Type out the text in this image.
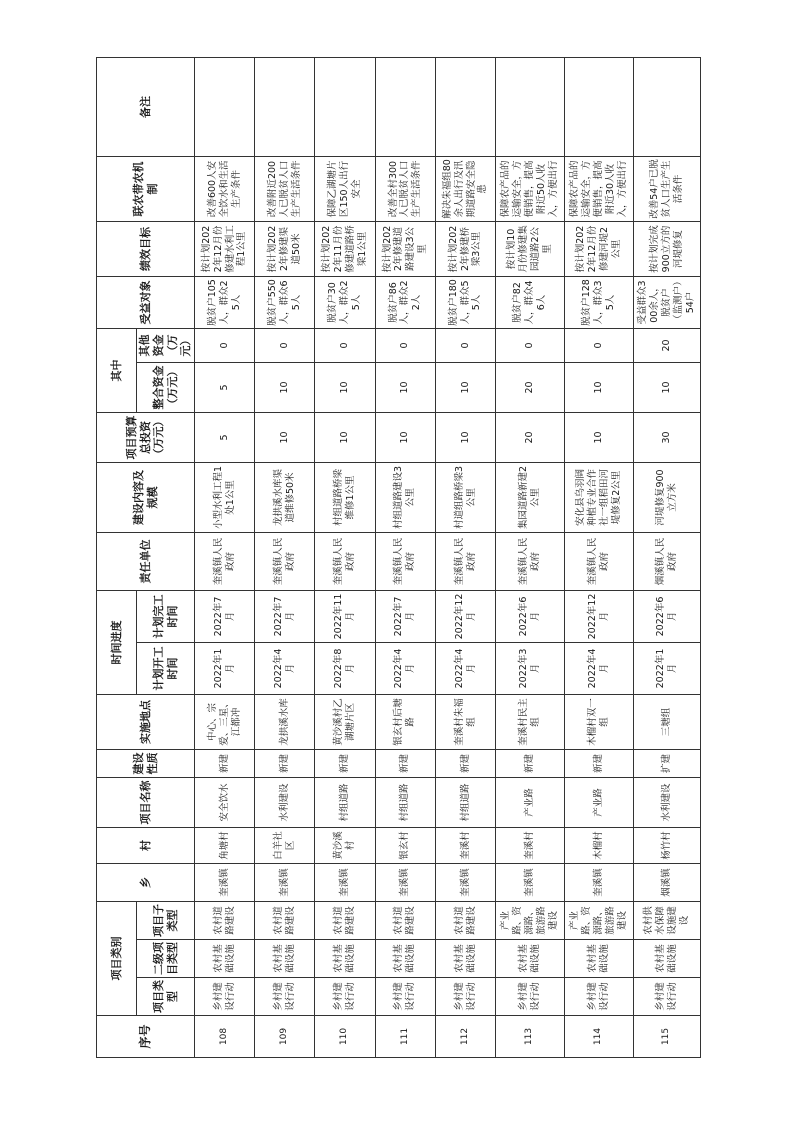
序号	项目类别			乡	村	项目名称	建设性质	实施地点	时间进度		责任单位	建设内容及规模	项目预算总投资（万元）	其中		受益对象	绩效目标	联农带农机制	备注
	项目类型	二级项目类型	项目子类型						计划开工时间	计划完工时间				整合资金（万元）	其他资金（万元）				
108	乡村建设行动	农村基础设施	农村道路建设	奎溪镇	角塘村	安全饮水	新建	中心、宗爱、三星、江都冲	2022年1月	2022年7月	奎溪镇人民政府	小型水利工程1处1公里	5	5	0	脱贫户105人，群众25人	按计划2022年12月份修建水利工程1公里	改善600人安全饮水和生活生产条件	
109	乡村建设行动	农村基础设施	农村道路建设	奎溪镇	白羊社区	水利建设	新建	龙拱溪水库	2022年4月	2022年7月	奎溪镇人民政府	龙拱溪水库渠道维修50米	10	10	0	脱贫户550人，群众65人	按计划2022年修建渠道50米	改善附近200人已脱贫人口生产生活条件	
110	乡村建设行动	农村基础设施	农村道路建设	奎溪镇	黄沙溪村	村组道路	新建	黄沙溪村乙湖塘片区	2022年8月	2022年11月	奎溪镇人民政府	村组道路桥梁维修1公里	10	10	0	脱贫户30人，群众25人	按计划2022年11月份修建道路桥梁1公里	保障乙湖塘片区150人出行安全	
111	乡村建设行动	农村基础设施	农村道路建设	奎溪镇	银玄村	村组道路	新建	银玄村后塘路	2022年4月	2022年7月	奎溪镇人民政府	村组道路建设3公里	10	10	0	脱贫户86人，群众22人	按计划2022年修建道路建设3公里	改善全村300人已脱贫人口生产生活条件	
112	乡村建设行动	农村基础设施	农村道路建设	奎溪镇	奎溪村	村组道路	新建	奎溪村朱福组	2022年4月	2022年12月	奎溪镇人民政府	村道组路桥梁3公里	10	10	0	脱贫户180人，群众55人	按计划2022年修建桥梁3公里	解决朱福组80余人出行及汛期道路安全隐患	
113	乡村建设行动	农村基础设施	产业路、资源路、旅游路建设	奎溪镇	奎溪村	产业路	新建	奎溪村民主组	2022年3月	2022年6月	奎溪镇人民政府	集园道路新建2公里	20	20	0	脱贫户82人，群众46人	按计划10月份修建集园道路2公里	保障农产品的运输安全，方便销售，提高附近50人收入，方便出行	
114	乡村建设行动	农村基础设施	产业路、资源路、旅游路建设	奎溪镇	木榴村	产业路	新建	木榴村双一组	2022年4月	2022年12月	奎溪镇人民政府	安化县乌羽阔种植专业合作社一组稻田河堤修复2公里	10	10	0	脱贫户128人，群众35人	按计划2022年12月份修建河堤2公里	保障农产品的运输安全，方便销售，提高附近30人收入，方便出行	
115	乡村建设行动	农村基础设施	农村供水保障设施建设	烟溪镇	杨竹村	水利建设	扩建	三塘组	2022年1月	2022年6月	烟溪镇人民政府	河堤修复900立方米	30	10	20	受益群众300余人，脱贫户（监测户）54户	按计划完成900立方的河堤修复	改善54户已脱贫人口生产生活条件	
